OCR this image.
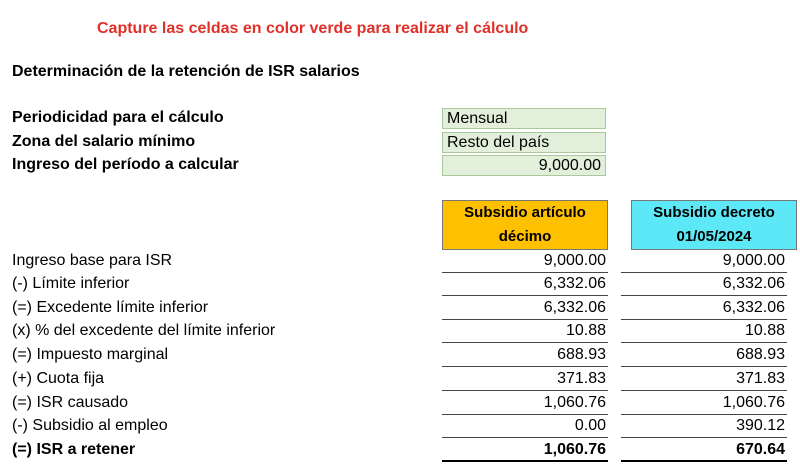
Capture las celdas en color verde para realizar el cálculo
Determinación de la retención de ISR salarios
Periodicidad para el cálculo	Mensual
Zona del salario mínimo	Resto del país
Ingreso del período a calcular	9,000.00
Subsidio artículo
décimo
Subsidio decreto
01/05/2024
Ingreso base para ISR	9,000.00	9,000.00
(-) Límite inferior	6,332.06	6,332.06
(=) Excedente límite inferior	6,332.06	6,332.06
(x) % del excedente del límite inferior	10.88	10.88
(=) Impuesto marginal	688.93	688.93
(+) Cuota fija	371.83	371.83
(=) ISR causado	1,060.76	1,060.76
(-) Subsidio al empleo	0.00	390.12
(=) ISR a retener	1,060.76	670.64
